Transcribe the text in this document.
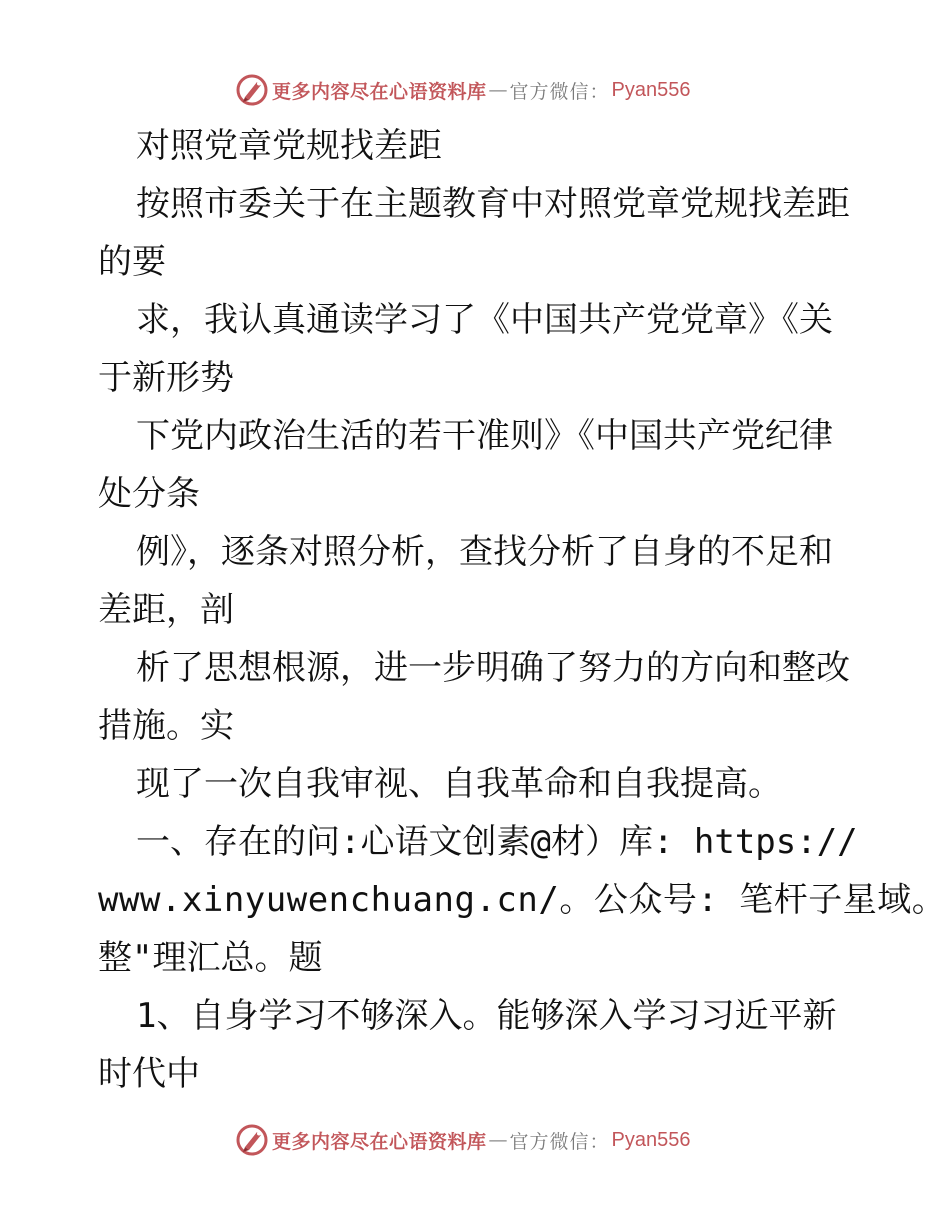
更多内容尽在心语资料库 — 官方微信： Pyan556
对照党章党规找差距
按照市委关于在主题教育中对照党章党规找差距
的要
求，我认真通读学习了《中国共产党党章》《关
于新形势
下党内政治生活的若干准则》《中国共产党纪律
处分条
例》，逐条对照分析，查找分析了自身的不足和
差距，剖
析了思想根源，进一步明确了努力的方向和整改
措施。实
现了一次自我审视、自我革命和自我提高。
一、存在的问:心语文创素@材）库: https://
www.xinyuwenchuang.cn/。公众号: 笔杆子星域。
整"理汇总。题
1、自身学习不够深入。能够深入学习习近平新
时代中
更多内容尽在心语资料库 — 官方微信： Pyan556
